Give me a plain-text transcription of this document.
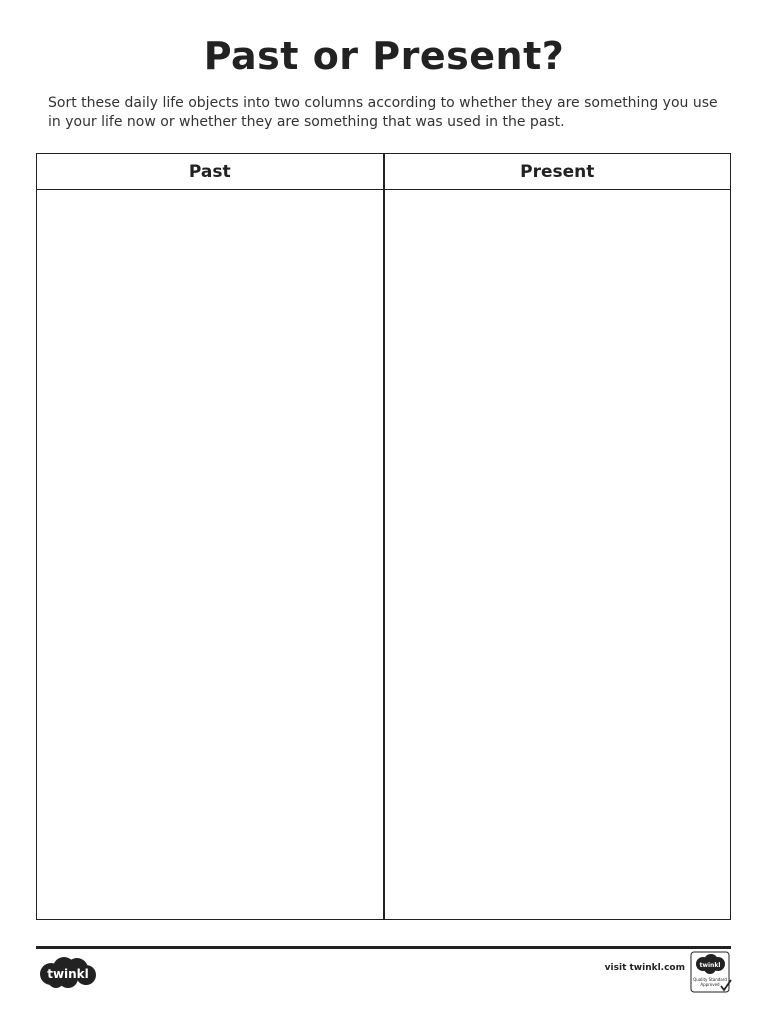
Past or Present?
Sort these daily life objects into two columns according to whether they are something you use in your life now or whether they are something that was used in the past.
Past	Present
twinkl	visit twinkl.com twinkl
Quality Standard
Approved
